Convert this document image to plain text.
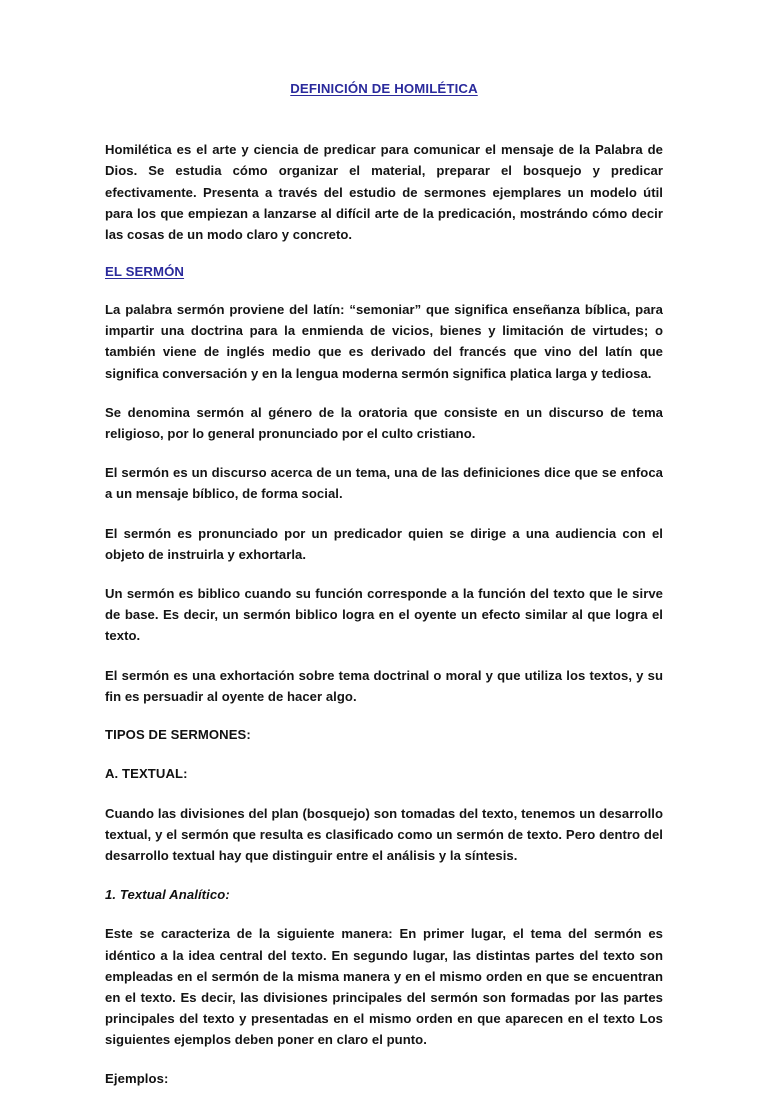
DEFINICIÓN DE HOMILÉTICA

Homilética es el arte y ciencia de predicar para comunicar el mensaje de la Palabra de Dios. Se estudia cómo organizar el material, preparar el bosquejo y predicar efectivamente. Presenta a través del estudio de sermones ejemplares un modelo útil para los que empiezan a lanzarse al difícil arte de la predicación, mostrándo cómo decir las cosas de un modo claro y concreto.

EL SERMÓN

La palabra sermón proviene del latín: “semoniar” que significa enseñanza bíblica, para impartir una doctrina para la enmienda de vicios, bienes y limitación de virtudes; o también viene de inglés medio que es derivado del francés que vino del latín que significa conversación y en la lengua moderna sermón significa platica larga y tediosa.

Se denomina sermón al género de la oratoria que consiste en un discurso de tema religioso, por lo general pronunciado por el culto cristiano.

El sermón es un discurso acerca de un tema, una de las definiciones dice que se enfoca a un mensaje bíblico, de forma social.

El sermón es pronunciado por un predicador quien se dirige a una audiencia con el objeto de instruirla y exhortarla.

Un sermón es biblico cuando su función corresponde a la función del texto que le sirve de base. Es decir, un sermón biblico logra en el oyente un efecto similar al que logra el texto.

El sermón es una exhortación sobre tema doctrinal o moral y que utiliza los textos, y su fin es persuadir al oyente de hacer algo.

TIPOS DE SERMONES:

A. TEXTUAL:

Cuando las divisiones del plan (bosquejo) son tomadas del texto, tenemos un desarrollo textual, y el sermón que resulta es clasificado como un sermón de texto. Pero dentro del desarrollo textual hay que distinguir entre el análisis y la síntesis.

1. Textual Analítico:

Este se caracteriza de la siguiente manera: En primer lugar, el tema del sermón es idéntico a la idea central del texto. En segundo lugar, las distintas partes del texto son empleadas en el sermón de la misma manera y en el mismo orden en que se encuentran en el texto. Es decir, las divisiones principales del sermón son formadas por las partes principales del texto y presentadas en el mismo orden en que aparecen en el texto Los siguientes ejemplos deben poner en claro el punto.

Ejemplos:
